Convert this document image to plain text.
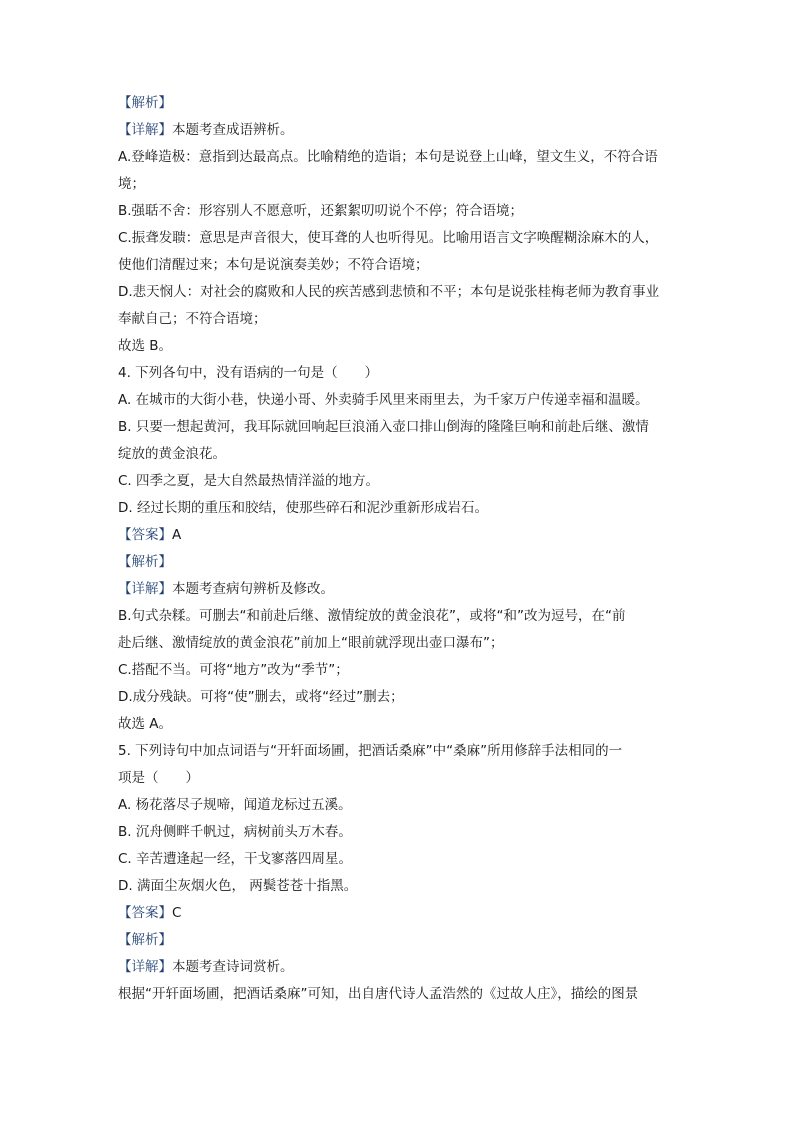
【解析】
【详解】本题考查成语辨析。
A.登峰造极：意指到达最高点。比喻精绝的造诣；本句是说登上山峰，望文生义，不符合语
境；
B.强聒不舍：形容别人不愿意听，还絮絮叨叨说个不停；符合语境；
C.振聋发聩：意思是声音很大，使耳聋的人也听得见。比喻用语言文字唤醒糊涂麻木的人，
使他们清醒过来；本句是说演奏美妙；不符合语境；
D.悲天悯人：对社会的腐败和人民的疾苦感到悲愤和不平；本句是说张桂梅老师为教育事业
奉献自己；不符合语境；
故选 B。
4. 下列各句中，没有语病的一句是（　　）
A. 在城市的大街小巷，快递小哥、外卖骑手风里来雨里去，为千家万户传递幸福和温暖。
B. 只要一想起黄河，我耳际就回响起巨浪涌入壶口排山倒海的隆隆巨响和前赴后继、激情
绽放的黄金浪花。
C. 四季之夏，是大自然最热情洋溢的地方。
D. 经过长期的重压和胶结，使那些碎石和泥沙重新形成岩石。
【答案】A
【解析】
【详解】本题考查病句辨析及修改。
B.句式杂糅。可删去“和前赴后继、激情绽放的黄金浪花”，或将“和”改为逗号，在“前
赴后继、激情绽放的黄金浪花”前加上“眼前就浮现出壶口瀑布”；
C.搭配不当。可将“地方”改为“季节”；
D.成分残缺。可将“使”删去，或将“经过”删去；
故选 A。
5. 下列诗句中加点词语与“开轩面场圃，把酒话桑麻”中“桑麻”所用修辞手法相同的一
项是（　　）
A. 杨花落尽子规啼，闻道龙标过五溪。
B. 沉舟侧畔千帆过，病树前头万木春。
C. 辛苦遭逢起一经，干戈寥落四周星。
D. 满面尘灰烟火色， 两鬓苍苍十指黑。
【答案】C
【解析】
【详解】本题考查诗词赏析。
根据“开轩面场圃，把酒话桑麻”可知，出自唐代诗人孟浩然的《过故人庄》，描绘的图景
